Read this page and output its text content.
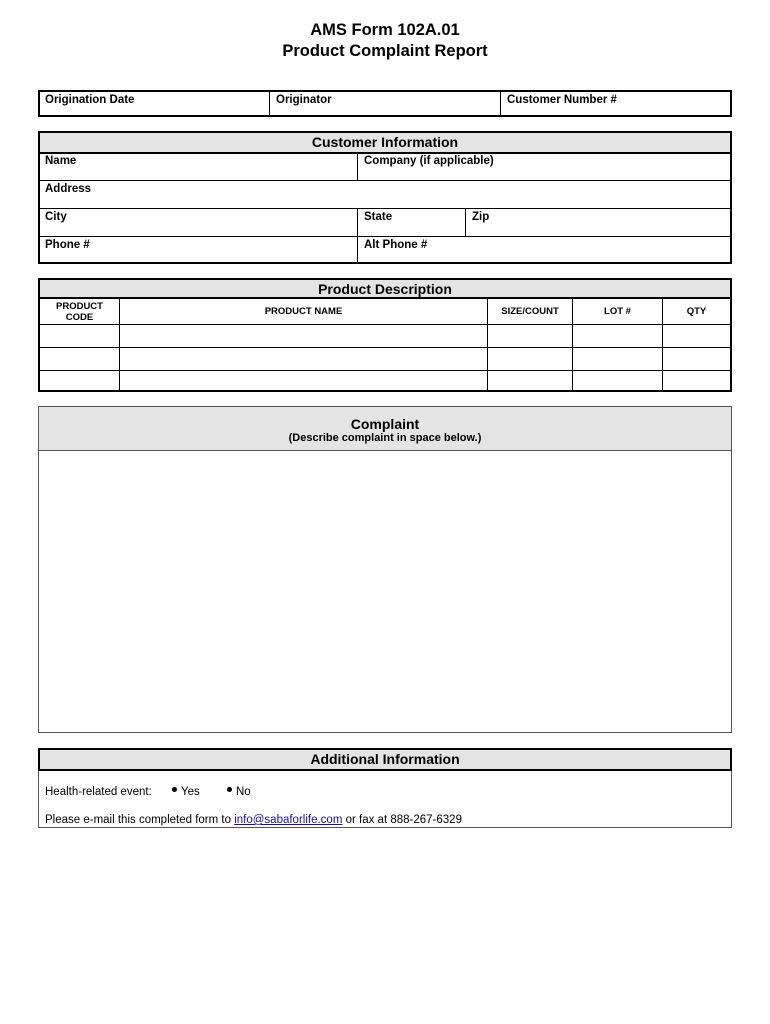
AMS Form 102A.01
Product Complaint Report
Origination Date	Originator	Customer Number #
Customer Information
Name	Company (if applicable)
Address
City	State	Zip
Phone #	Alt Phone #
Product Description
PRODUCT
CODE	PRODUCT NAME	SIZE/COUNT	LOT #	QTY
Complaint
(Describe complaint in space below.)
Additional Information
Health-related event:	Yes	No
Please e-mail this completed form to info@sabaforlife.com or fax at 888-267-6329
